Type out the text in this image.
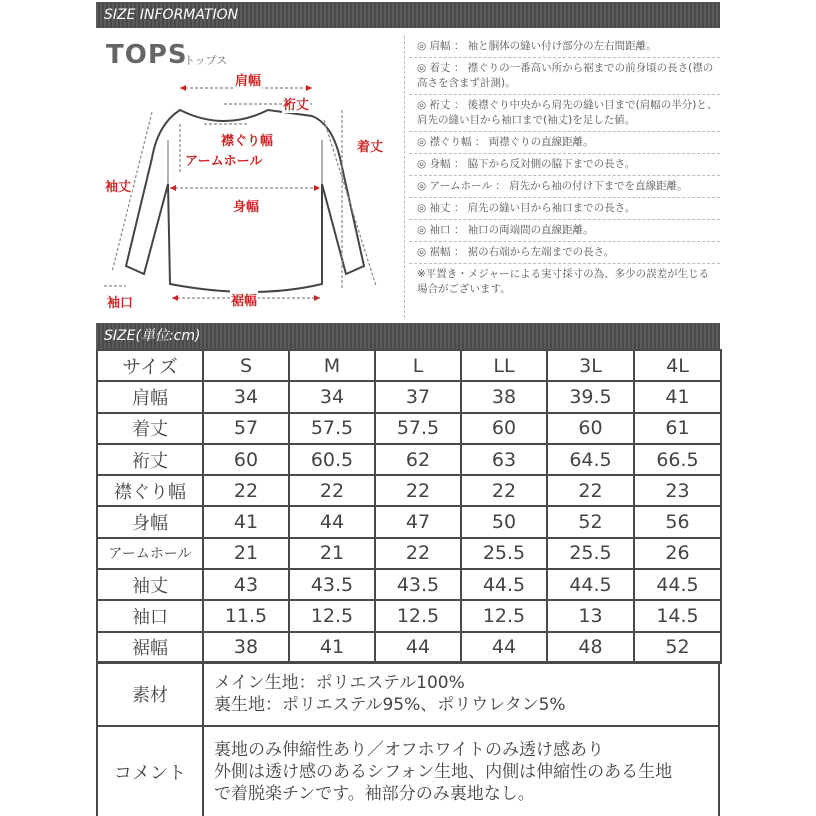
SIZE INFORMATION
TOPS
トップス
肩幅
裄丈
襟ぐり幅	着丈
アームホール
身幅
袖丈
袖口	裾幅
◎ 肩幅 ： 袖と胴体の縫い付け部分の左右間距離。
◎ 着丈 ： 襟ぐりの一番高い所から裾までの前身頃の長さ(襟の高さを含まず計測)。
◎ 裄丈 ： 後襟ぐり中央から肩先の縫い目まで(肩幅の半分)と、肩先の縫い目から袖口まで(袖丈)を足した値。
◎ 襟ぐり幅 ： 両襟ぐりの直線距離。
◎ 身幅 ： 脇下から反対側の脇下までの長さ。
◎ アームホール ： 肩先から袖の付け下までを直線距離。
◎ 袖丈 ： 肩先の縫い目から袖口までの長さ。
◎ 袖口 ： 袖口の両端間の直線距離。
◎ 裾幅 ： 裾の右端から左端までの長さ。
※平置き・メジャーによる実寸採寸の為、多少の誤差が生じる場合がございます。
SIZE(単位:cm)
サイズ	S	M	L	LL	3L	4L
肩幅	34	34	37	38	39.5	41
着丈	57	57.5	57.5	60	60	61
裄丈	60	60.5	62	63	64.5	66.5
襟ぐり幅	22	22	22	22	22	23
身幅	41	44	47	50	52	56
アームホール	21	21	22	25.5	25.5	26
袖丈	43	43.5	43.5	44.5	44.5	44.5
袖口	11.5	12.5	12.5	12.5	13	14.5
裾幅	38	41	44	44	48	52
素材	メイン生地：ポリエステル100%
裏生地：ポリエステル95%、ポリウレタン5%

コメント	裏地のみ伸縮性あり／オフホワイトのみ透け感あり
外側は透け感のあるシフォン生地、内側は伸縮性のある生地
で着脱楽チンです。袖部分のみ裏地なし。
